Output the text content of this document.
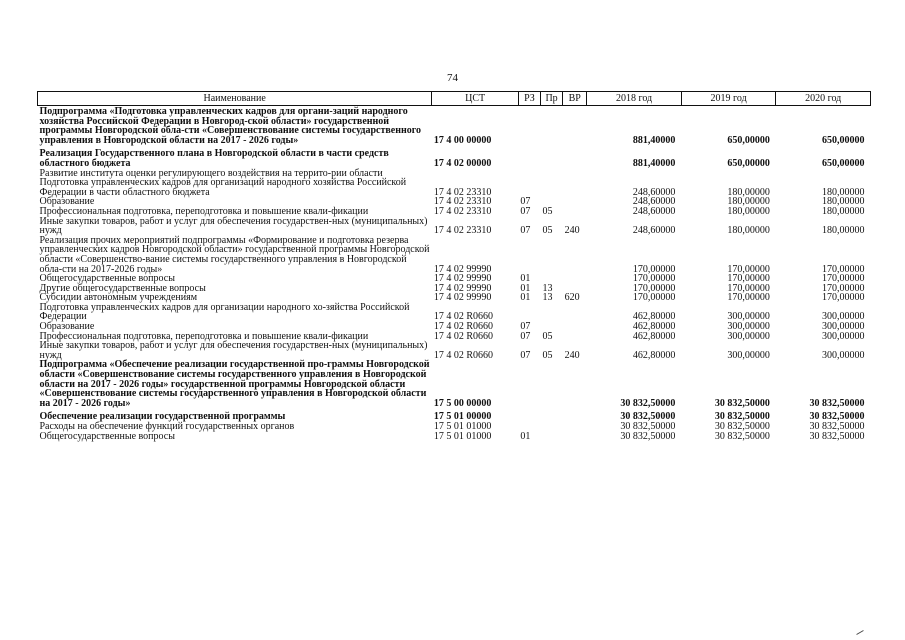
74
Наименование	ЦСТ	РЗ	Пр	ВР	2018 год	2019 год	2020 год
Подпрограмма «Подготовка управленческих кадров для органи-заций народного хозяйства Российской Федерации в Новгород-ской области» государственной программы Новгородской обла-сти «Совершенствование системы государственного управления в Новгородской области на 2017 - 2026 годы»	17 4 00 00000				881,40000	650,00000	650,00000

Реализация Государственного плана в Новгородской области в части средств областного бюджета	17 4 02 00000				881,40000	650,00000	650,00000
Развитие института оценки регулирующего воздействия на террито-рии области Подготовка управленческих кадров для организаций народного хозяйства Российской Федерации в части областного бюджета	17 4 02 23310				248,60000	180,00000	180,00000
Образование	17 4 02 23310	07			248,60000	180,00000	180,00000
Профессиональная подготовка, переподготовка и повышение квали-фикации	17 4 02 23310	07	05		248,60000	180,00000	180,00000
Иные закупки товаров, работ и услуг для обеспечения государствен-ных (муниципальных) нужд	17 4 02 23310	07	05	240	248,60000	180,00000	180,00000
Реализация прочих мероприятий подпрограммы «Формирование и подготовка резерва управленческих кадров Новгородской области» государственной программы Новгородской области «Совершенство-вание системы государственного управления в Новгородской обла-сти на 2017-2026 годы»	17 4 02 99990				170,00000	170,00000	170,00000
Общегосударственные вопросы	17 4 02 99990	01			170,00000	170,00000	170,00000
Другие общегосударственные вопросы	17 4 02 99990	01	13		170,00000	170,00000	170,00000
Субсидии автономным учреждениям	17 4 02 99990	01	13	620	170,00000	170,00000	170,00000
Подготовка управленческих кадров для организации народного хо-зяйства Российской Федерации	17 4 02 R0660				462,80000	300,00000	300,00000
Образование	17 4 02 R0660	07			462,80000	300,00000	300,00000
Профессиональная подготовка, переподготовка и повышение квали-фикации	17 4 02 R0660	07	05		462,80000	300,00000	300,00000
Иные закупки товаров, работ и услуг для обеспечения государствен-ных (муниципальных) нужд	17 4 02 R0660	07	05	240	462,80000	300,00000	300,00000
Подпрограмма «Обеспечение реализации государственной про-граммы Новгородской области «Совершенствование системы государственного управления в Новгородской области на 2017 - 2026 годы» государственной программы Новгородской области «Совершенствование системы государственного управления в Новгородской области на 2017 - 2026 годы»	17 5 00 00000				30 832,50000	30 832,50000	30 832,50000

Обеспечение реализации государственной программы	17 5 01 00000				30 832,50000	30 832,50000	30 832,50000
Расходы на обеспечение функций государственных органов	17 5 01 01000				30 832,50000	30 832,50000	30 832,50000
Общегосударственные вопросы	17 5 01 01000	01			30 832,50000	30 832,50000	30 832,50000
